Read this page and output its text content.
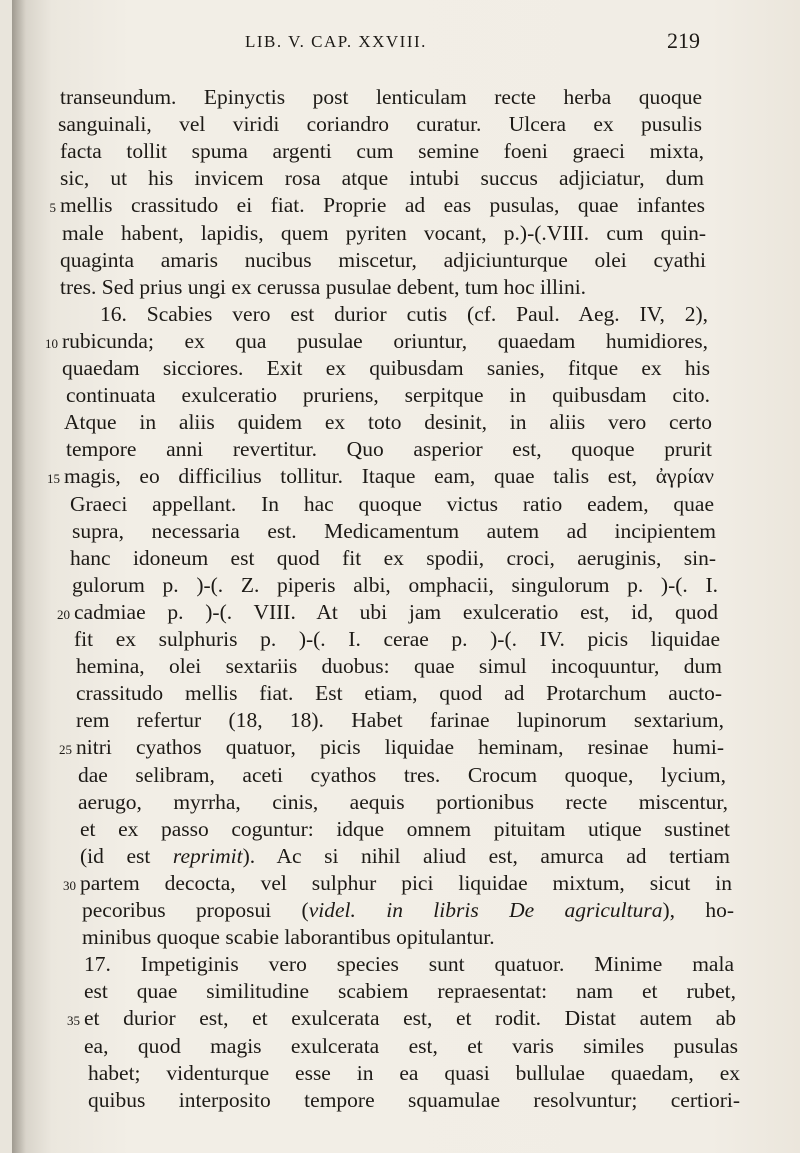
LIB. V. CAP. XXVIII.	219
transeundum. Epinyctis post lenticulam recte herba quoque
sanguinali, vel viridi coriandro curatur. Ulcera ex pusulis
facta tollit spuma argenti cum semine foeni graeci mixta,
sic, ut his invicem rosa atque intubi succus adjiciatur, dum
mellis crassitudo ei fiat. Proprie ad eas pusulas, quae infantes
male habent, lapidis, quem pyriten vocant, p.)-(.VIII. cum quin-
quaginta amaris nucibus miscetur, adjiciunturque olei cyathi
tres. Sed prius ungi ex cerussa pusulae debent, tum hoc illini.
16. Scabies vero est durior cutis (cf. Paul. Aeg. IV, 2),
rubicunda; ex qua pusulae oriuntur, quaedam humidiores,
quaedam sicciores. Exit ex quibusdam sanies, fitque ex his
continuata exulceratio pruriens, serpitque in quibusdam cito.
Atque in aliis quidem ex toto desinit, in aliis vero certo
tempore anni revertitur. Quo asperior est, quoque prurit
magis, eo difficilius tollitur. Itaque eam, quae talis est, ἀγρίαν
Graeci appellant. In hac quoque victus ratio eadem, quae
supra, necessaria est. Medicamentum autem ad incipientem
hanc idoneum est quod fit ex spodii, croci, aeruginis, sin-
gulorum p. )-(. Z. piperis albi, omphacii, singulorum p. )-(. I.
cadmiae p. )-(. VIII. At ubi jam exulceratio est, id, quod
fit ex sulphuris p. )-(. I. cerae p. )-(. IV. picis liquidae
hemina, olei sextariis duobus: quae simul incoquuntur, dum
crassitudo mellis fiat. Est etiam, quod ad Protarchum aucto-
rem refertur (18, 18). Habet farinae lupinorum sextarium,
nitri cyathos quatuor, picis liquidae heminam, resinae humi-
dae selibram, aceti cyathos tres. Crocum quoque, lycium,
aerugo, myrrha, cinis, aequis portionibus recte miscentur,
et ex passo coguntur: idque omnem pituitam utique sustinet
(id est reprimit). Ac si nihil aliud est, amurca ad tertiam
partem decocta, vel sulphur pici liquidae mixtum, sicut in
pecoribus proposui (videl. in libris De agricultura), ho-
minibus quoque scabie laborantibus opitulantur.
17. Impetiginis vero species sunt quatuor. Minime mala
est quae similitudine scabiem repraesentat: nam et rubet,
et durior est, et exulcerata est, et rodit. Distat autem ab
ea, quod magis exulcerata est, et varis similes pusulas
habet; videnturque esse in ea quasi bullulae quaedam, ex
quibus interposito tempore squamulae resolvuntur; certiori-
5
10
15
20
25
30
35
